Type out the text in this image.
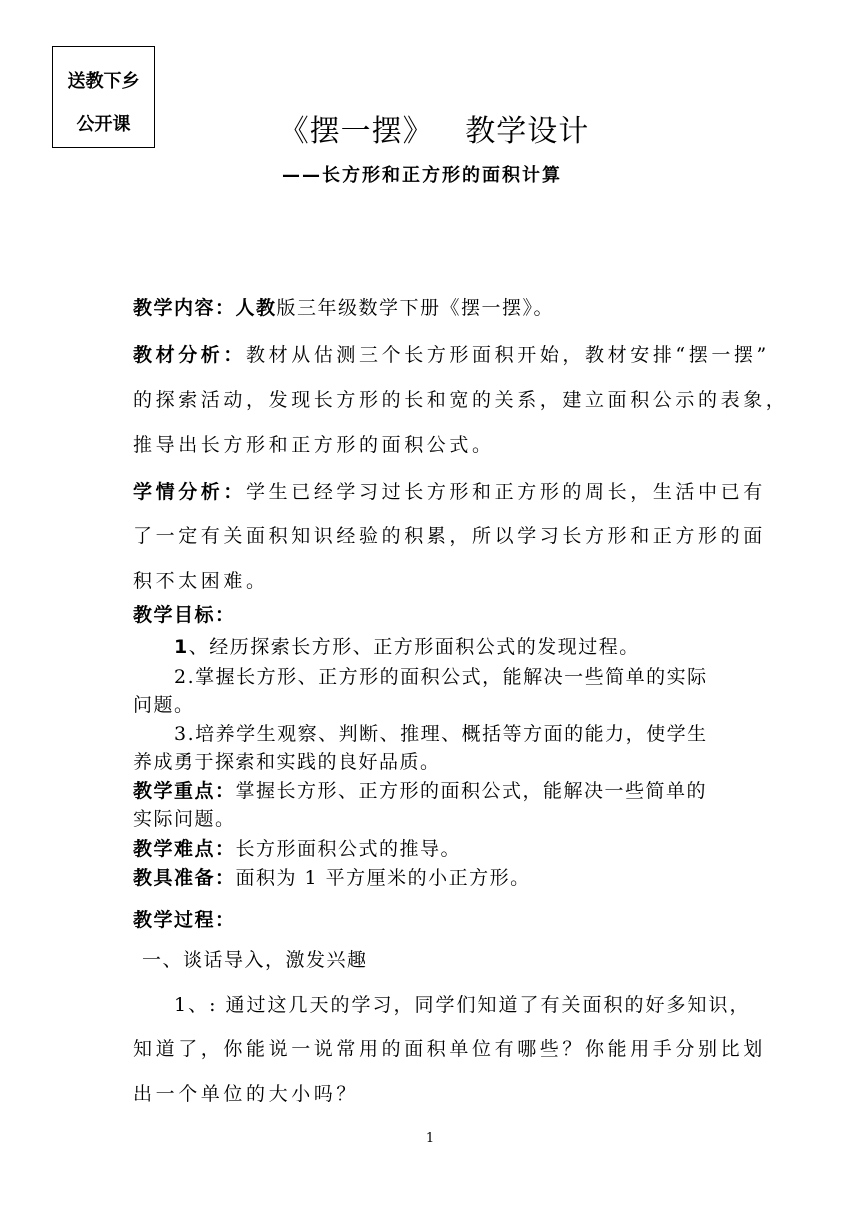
送教下乡
公开课	《摆一摆》   教学设计
——长方形和正方形的面积计算
教学内容：人教版三年级数学下册《摆一摆》。
教材分析：教材从估测三个长方形面积开始，教材安排“摆一摆”
的探索活动，发现长方形的长和宽的关系，建立面积公示的表象，
推导出长方形和正方形的面积公式。
学情分析：学生已经学习过长方形和正方形的周长，生活中已有
了一定有关面积知识经验的积累，所以学习长方形和正方形的面
积不太困难。
教学目标：
1、经历探索长方形、正方形面积公式的发现过程。
2.掌握长方形、正方形的面积公式，能解决一些简单的实际
问题。
3.培养学生观察、判断、推理、概括等方面的能力，使学生
养成勇于探索和实践的良好品质。
教学重点：掌握长方形、正方形的面积公式，能解决一些简单的
实际问题。
教学难点：长方形面积公式的推导。
教具准备：面积为 1 平方厘米的小正方形。
教学过程：
一、谈话导入，激发兴趣
1、: 通过这几天的学习，同学们知道了有关面积的好多知识，
知道了，你能说一说常用的面积单位有哪些？你能用手分别比划
出一个单位的大小吗？
1
